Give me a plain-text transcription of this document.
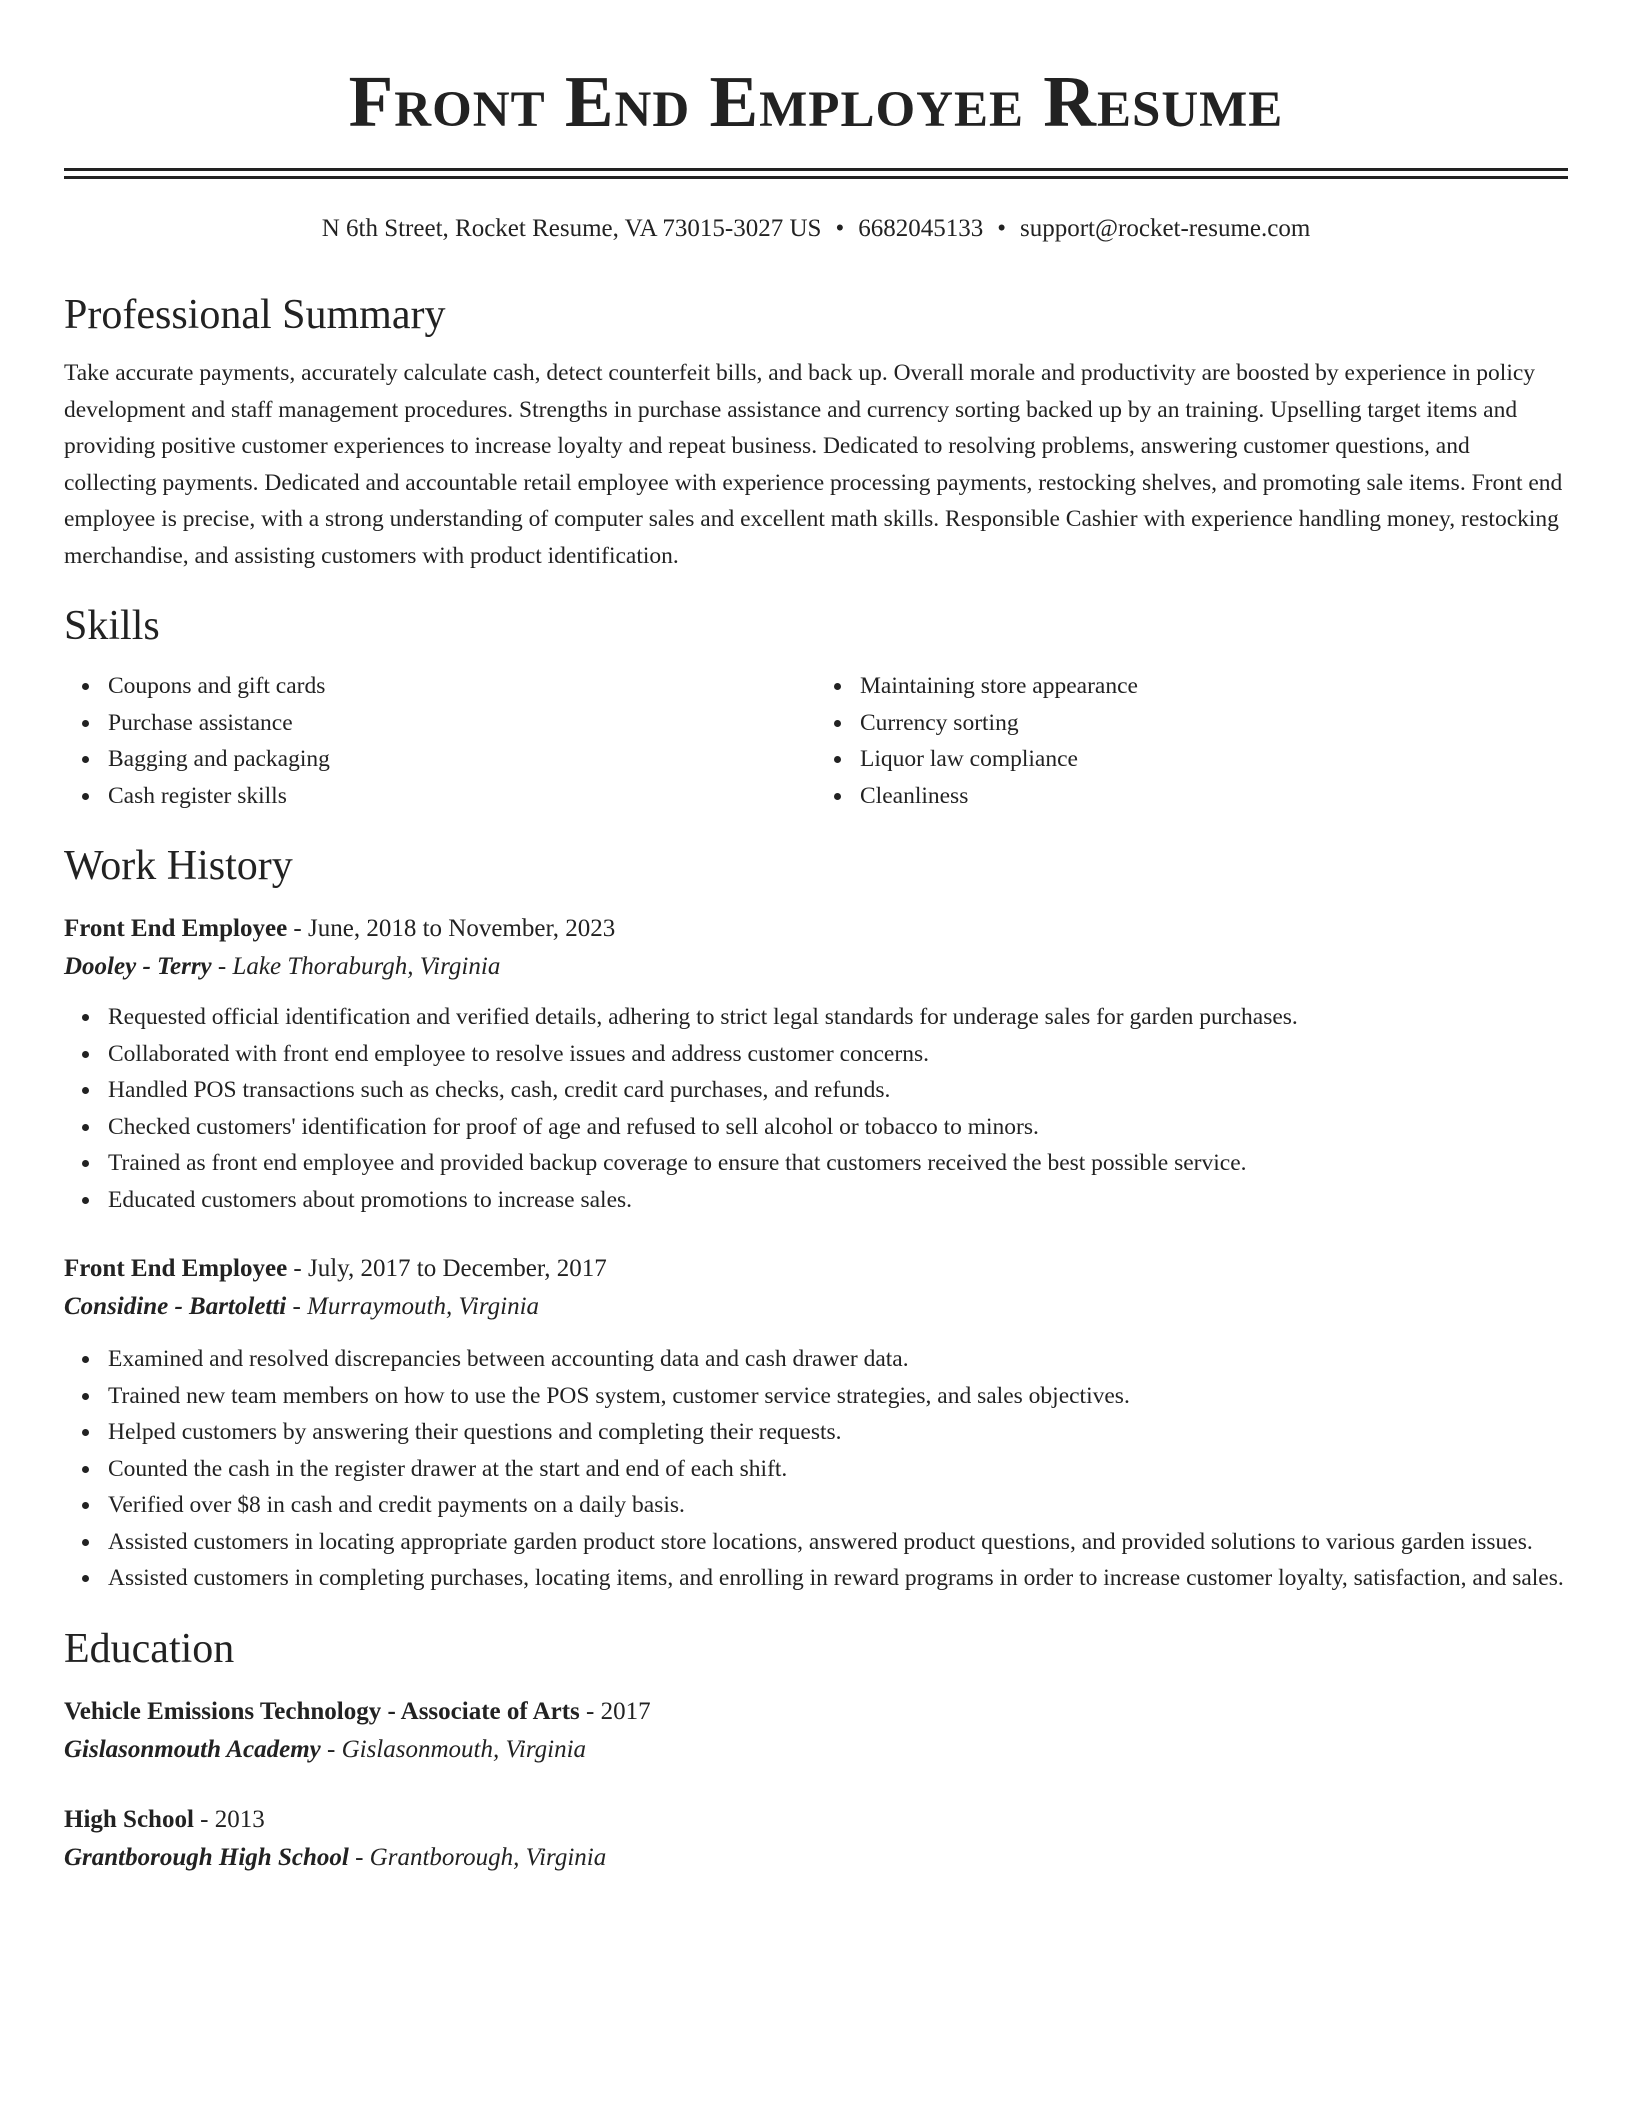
Front End Employee Resume
N 6th Street, Rocket Resume, VA 73015-3027 US • 6682045133 • support@rocket-resume.com
Professional Summary

Take accurate payments, accurately calculate cash, detect counterfeit bills, and back up. Overall morale and productivity are boosted by experience in policy development and staff management procedures. Strengths in purchase assistance and currency sorting backed up by an training. Upselling target items and providing positive customer experiences to increase loyalty and repeat business. Dedicated to resolving problems, answering customer questions, and collecting payments. Dedicated and accountable retail employee with experience processing payments, restocking shelves, and promoting sale items. Front end employee is precise, with a strong understanding of computer sales and excellent math skills. Responsible Cashier with experience handling money, restocking merchandise, and assisting customers with product identification.

Skills
Coupons and gift cards
Purchase assistance
Bagging and packaging
Cash register skills
Maintaining store appearance
Currency sorting
Liquor law compliance
Cleanliness
Work History
Front End Employee - June, 2018 to November, 2023
Dooley - Terry - Lake Thoraburgh, Virginia
Requested official identification and verified details, adhering to strict legal standards for underage sales for garden purchases.
Collaborated with front end employee to resolve issues and address customer concerns.
Handled POS transactions such as checks, cash, credit card purchases, and refunds.
Checked customers' identification for proof of age and refused to sell alcohol or tobacco to minors.
Trained as front end employee and provided backup coverage to ensure that customers received the best possible service.
Educated customers about promotions to increase sales.
Front End Employee - July, 2017 to December, 2017
Considine - Bartoletti - Murraymouth, Virginia
Examined and resolved discrepancies between accounting data and cash drawer data.
Trained new team members on how to use the POS system, customer service strategies, and sales objectives.
Helped customers by answering their questions and completing their requests.
Counted the cash in the register drawer at the start and end of each shift.
Verified over $8 in cash and credit payments on a daily basis.
Assisted customers in locating appropriate garden product store locations, answered product questions, and provided solutions to various garden issues.
Assisted customers in completing purchases, locating items, and enrolling in reward programs in order to increase customer loyalty, satisfaction, and sales.
Education
Vehicle Emissions Technology - Associate of Arts - 2017
Gislasonmouth Academy - Gislasonmouth, Virginia
High School - 2013
Grantborough High School - Grantborough, Virginia
